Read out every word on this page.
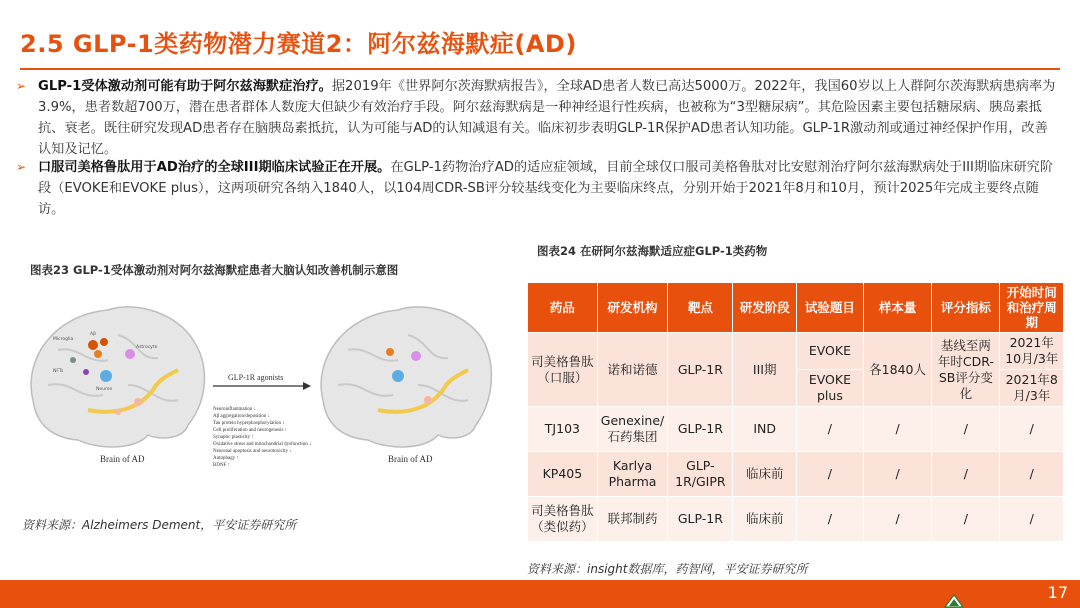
2.5 GLP-1类药物潜力赛道2：阿尔兹海默症(AD)
➢ GLP-1受体激动剂可能有助于阿尔兹海默症治疗。据2019年《世界阿尔茨海默病报告》，全球AD患者人数已高达5000万。2022年，我国60岁以上人群阿尔茨海默病患病率为3.9%，患者数超700万，潜在患者群体人数庞大但缺少有效治疗手段。阿尔兹海默病是一种神经退行性疾病，也被称为“3型糖尿病”。其危险因素主要包括糖尿病、胰岛素抵抗、衰老。既往研究发现AD患者存在脑胰岛素抵抗，认为可能与AD的认知减退有关。临床初步表明GLP-1R保护AD患者认知功能。GLP-1R激动剂或通过神经保护作用，改善认知及记忆。
➢ 口服司美格鲁肽用于AD治疗的全球III期临床试验正在开展。在GLP-1药物治疗AD的适应症领域，目前全球仅口服司美格鲁肽对比安慰剂治疗阿尔兹海默病处于III期临床研究阶段（EVOKE和EVOKE plus），这两项研究各纳入1840人，以104周CDR-SB评分较基线变化为主要临床终点，分别开始于2021年8月和10月，预计2025年完成主要终点随访。
图表23 GLP-1受体激动剂对阿尔兹海默症患者大脑认知改善机制示意图
图表24 在研阿尔兹海默适应症GLP-1类药物
Microglia
Aβ
NFTs
Neuron
Astrocyte
Brain of AD
GLP-1R agonists
Neuroinflammation ↓
Aβ aggregation/deposition ↓
Tau protein hyperphosphorylation ↓
Cell proliferation and neurogenesis ↑
Synaptic plasticity ↑
Oxidative stress and mitochondrial dysfunction ↓
Neuronal apoptosis and neurotoxicity ↓
Autophagy ↑
BDNF ↑
Brain of AD
资料来源：Alzheimers Dement，平安证券研究所
药品	研发机构	靶点	研发阶段	试验题目	样本量	评分指标	开始时间和治疗周期
司美格鲁肽（口服）	诺和诺德	GLP-1R	III期	EVOKE	各1840人	基线至两年时CDR-SB评分变化	2021年10月/3年
				EVOKE plus			2021年8月/3年
TJ103	Genexine/石药集团	GLP-1R	IND	/	/	/	/
KP405	Karlya Pharma	GLP-1R/GIPR	临床前	/	/	/	/
司美格鲁肽（类似药）	联邦制药	GLP-1R	临床前	/	/	/	/
资料来源：insight数据库，药智网，平安证券研究所
17
